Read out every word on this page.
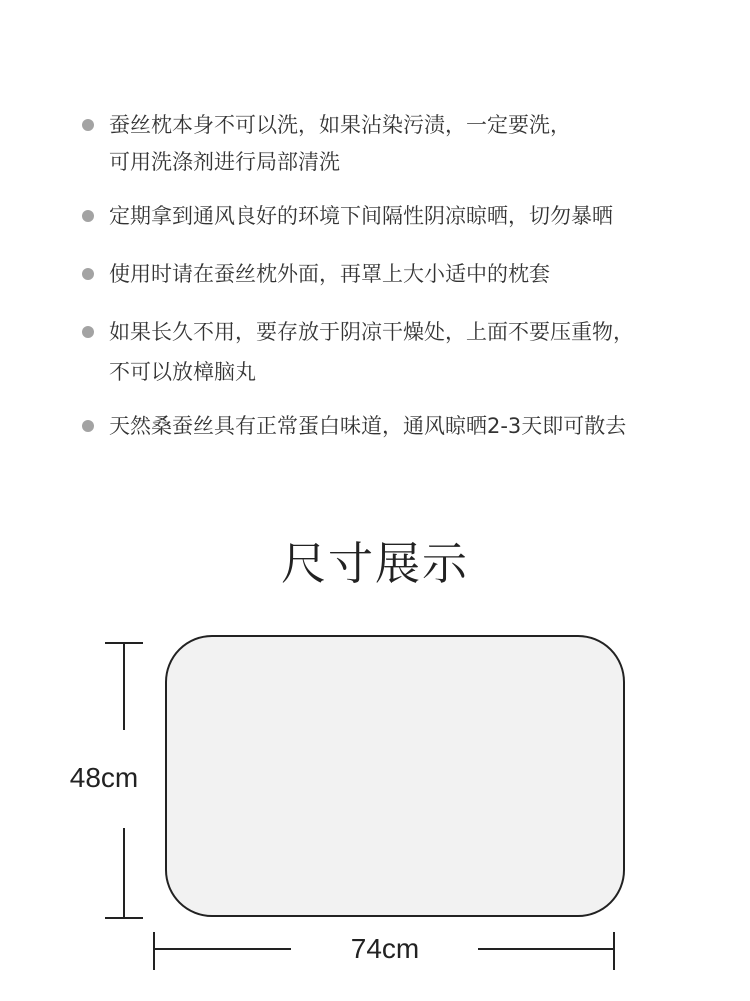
蚕丝枕本身不可以洗，如果沾染污渍，一定要洗，
可用洗涤剂进行局部清洗
定期拿到通风良好的环境下间隔性阴凉晾晒，切勿暴晒
使用时请在蚕丝枕外面，再罩上大小适中的枕套
如果长久不用，要存放于阴凉干燥处，上面不要压重物，
不可以放樟脑丸
天然桑蚕丝具有正常蛋白味道，通风晾晒2-3天即可散去
尺寸展示
48cm
74cm
